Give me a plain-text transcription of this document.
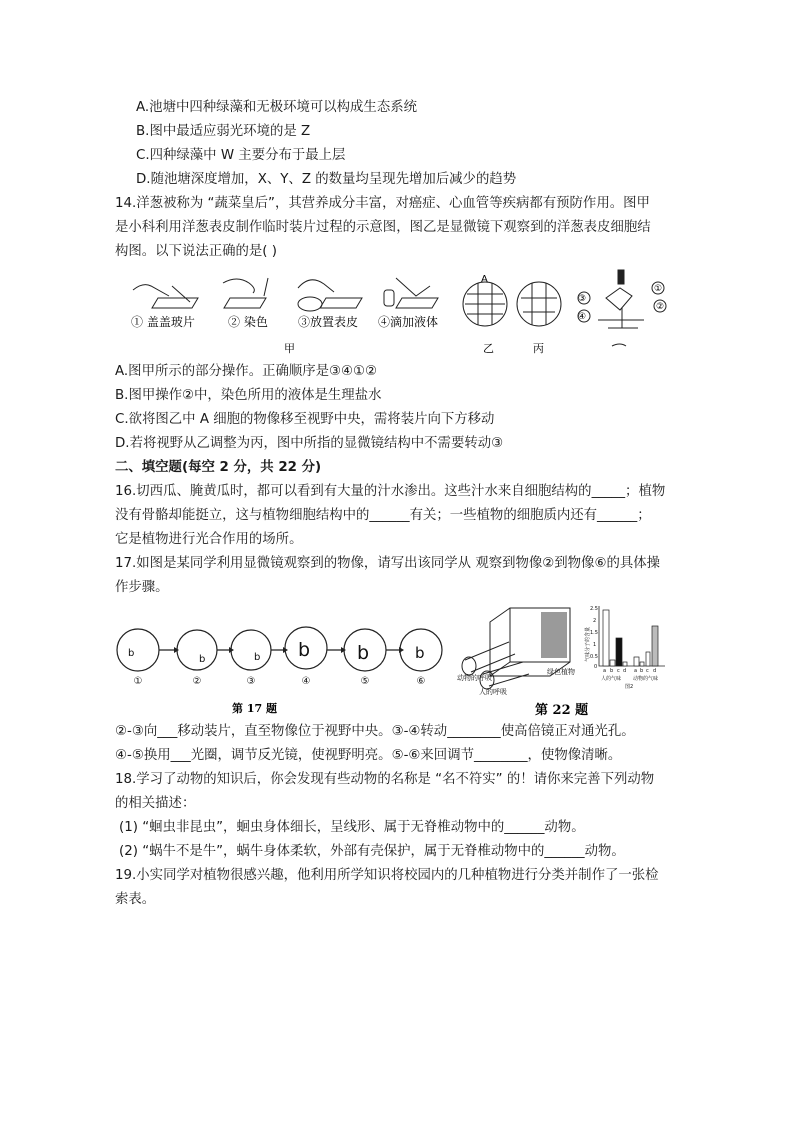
A.池塘中四种绿藻和无极环境可以构成生态系统
B.图中最适应弱光环境的是 Z
C.四种绿藻中 W 主要分布于最上层
D.随池塘深度增加，X、Y、Z 的数量均呈现先增加后减少的趋势
14.洋葱被称为 “蔬菜皇后”，其营养成分丰富，对癌症、心血管等疾病都有预防作用。图甲
是小科利用洋葱表皮制作临时装片过程的示意图，图乙是显微镜下观察到的洋葱表皮细胞结
构图。以下说法正确的是( )
A
③
④
①
②
① 盖盖玻片	② 染色	③放置表皮 ④滴加液体
甲	乙	丙
A.图甲所示的部分操作。正确顺序是③④①②
B.图甲操作②中，染色所用的液体是生理盐水
C.欲将图乙中 A 细胞的物像移至视野中央，需将装片向下方移动
D.若将视野从乙调整为丙，图中所指的显微镜结构中不需要转动③
二、填空题(每空 2 分，共 22 分)
16.切西瓜、腌黄瓜时，都可以看到有大量的汁水渗出。这些汁水来自细胞结构的_____；植物
没有骨骼却能挺立，这与植物细胞结构中的______有关；一些植物的细胞质内还有______；
它是植物进行光合作用的场所。
17.如图是某同学利用显微镜观察到的物像，请写出该同学从 观察到物像②到物像⑥的具体操
作步骤。
b
b	b b b	b
①	②	③	④	⑤	⑥
第 17 题
动物的呼吸
人的呼吸
绿色植物
2.5
2
1.5
1
0.5
0
a b c d a b c d
人的气味 动物的气味
图2
气味分子的含量
第 22 题
②-③向___移动装片，直至物像位于视野中央。③-④转动________使高倍镜正对通光孔。
④-⑤换用___光圈，调节反光镜，使视野明亮。⑤-⑥来回调节________，使物像清晰。
18.学习了动物的知识后，你会发现有些动物的名称是 “名不符实” 的！请你来完善下列动物
的相关描述：
(1) “蛔虫非昆虫”，蛔虫身体细长，呈线形、属于无脊椎动物中的______动物。
(2) “蜗牛不是牛”，蜗牛身体柔软，外部有壳保护，属于无脊椎动物中的______动物。
19.小实同学对植物很感兴趣，他利用所学知识将校园内的几种植物进行分类并制作了一张检
索表。
